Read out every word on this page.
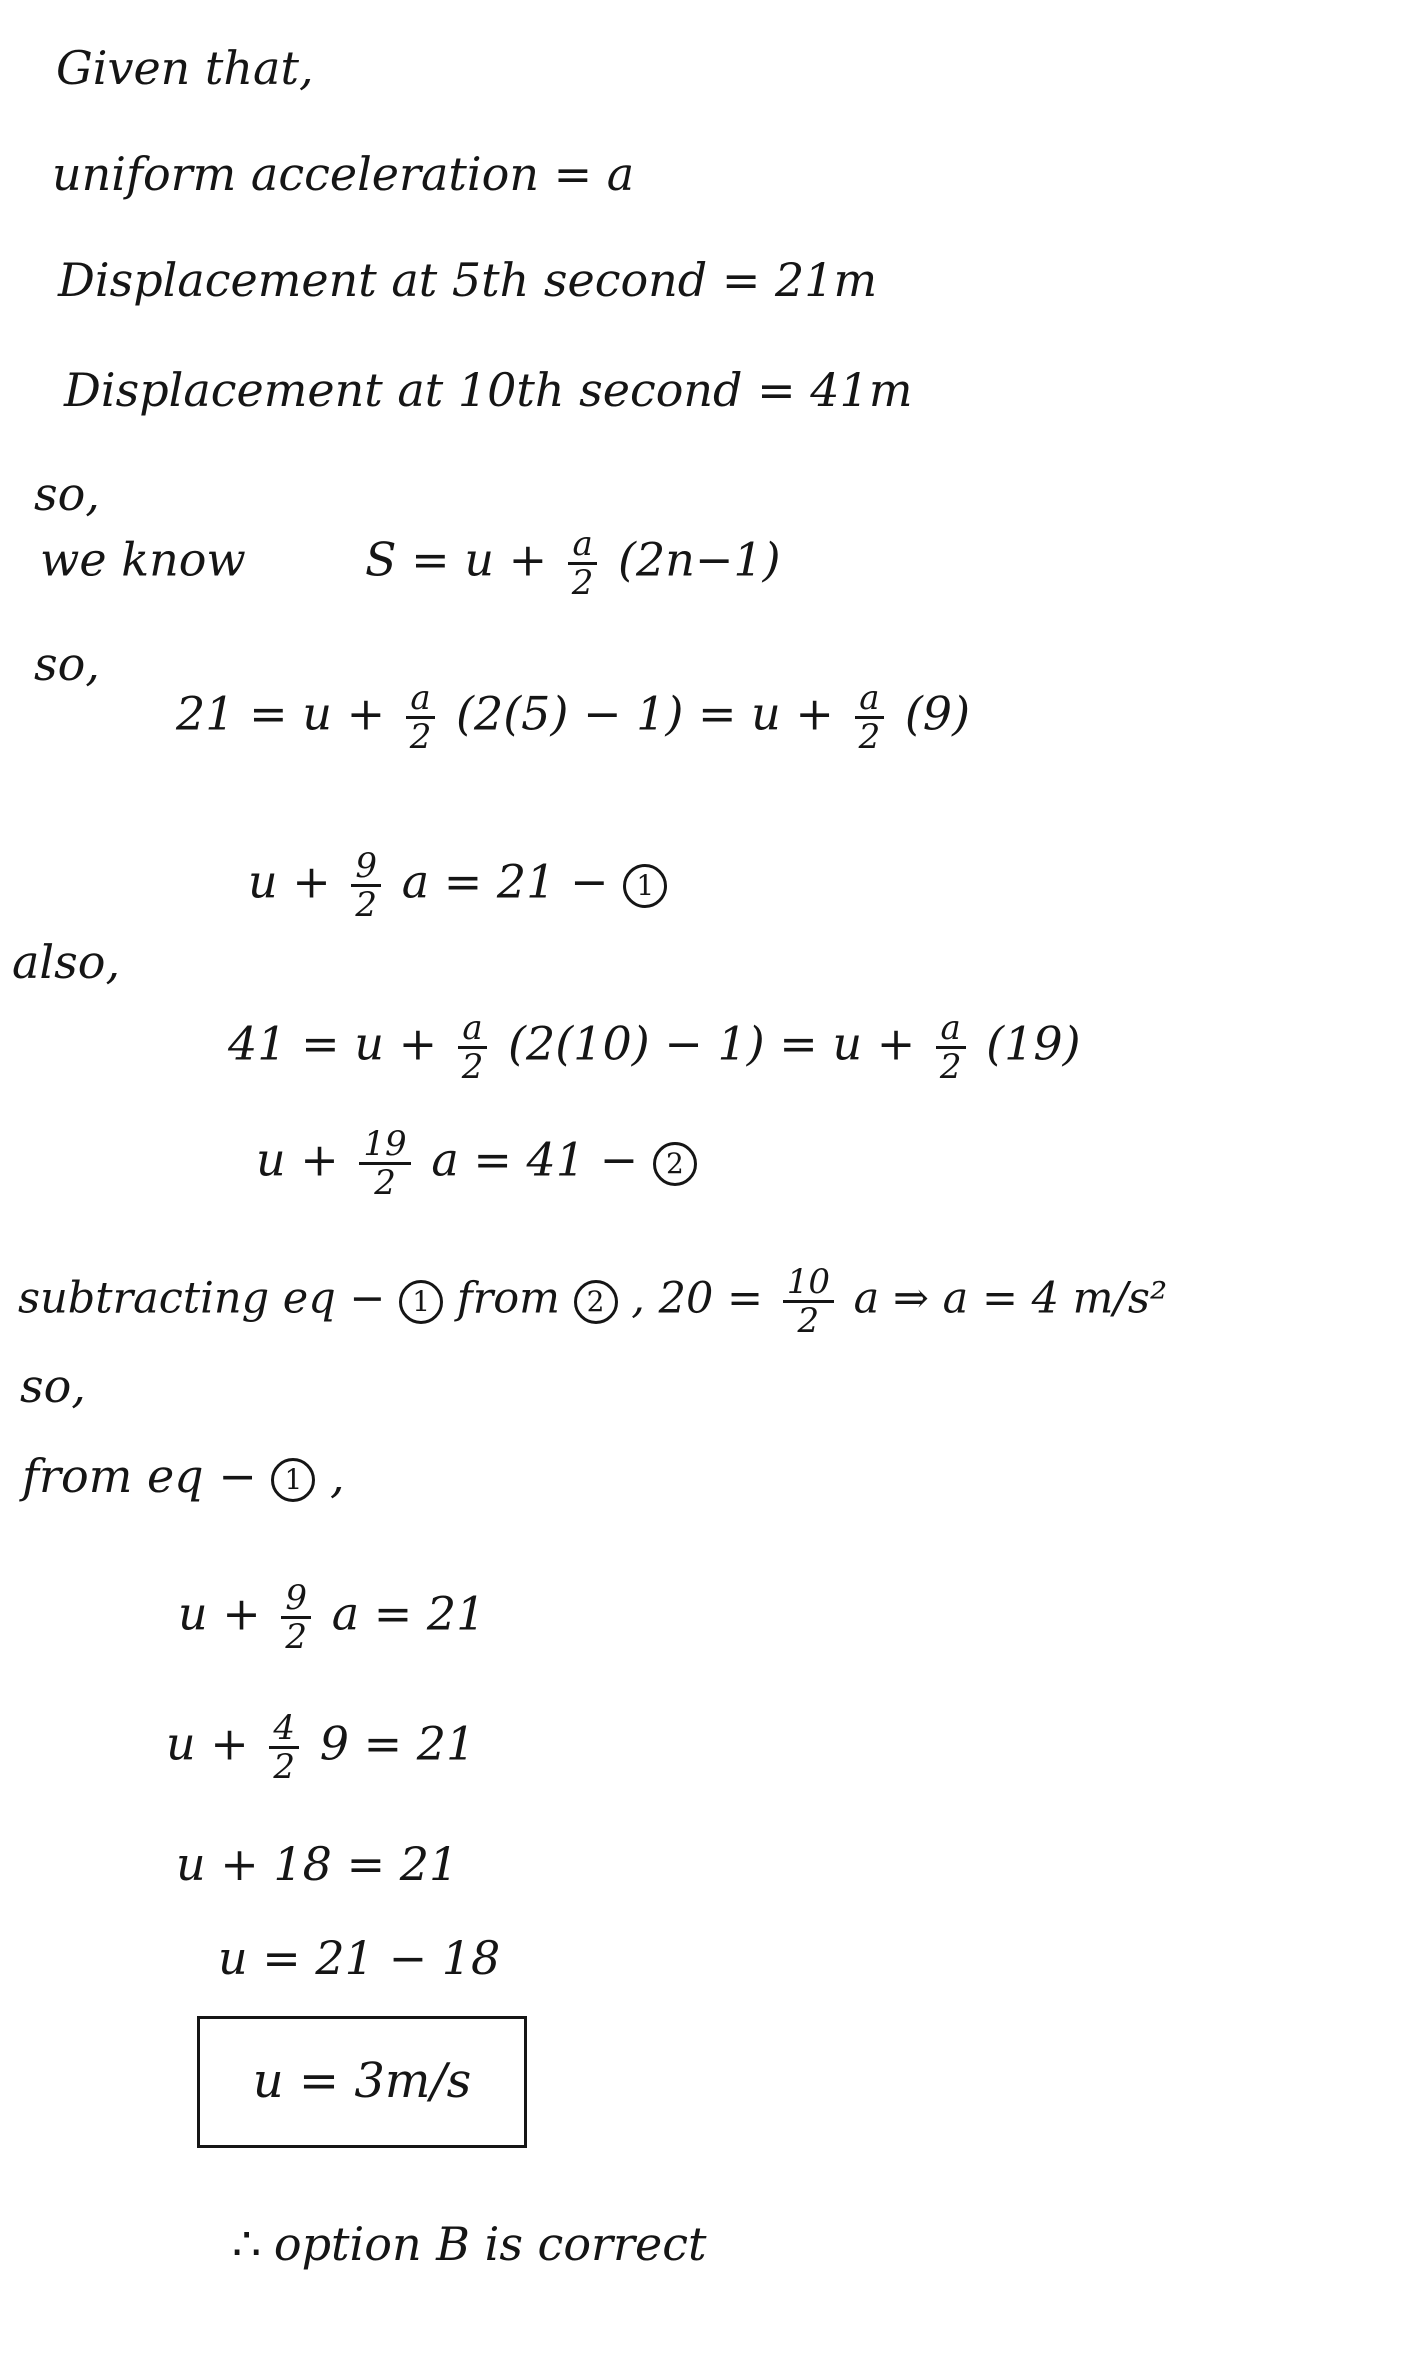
Given that,
uniform acceleration = a
Displacement at 5th second = 21m
Displacement at 10th second = 41m
so,
we know	$S = u + \frac{a}{2} (2n-1)$
so,
$21 = u + \frac{a}{2} (2(5) - 1) = u + \frac{a}{2} (9)$
$u + \frac{9}{2}$ a = 21 − 1
also,
$41 = u + \frac{a}{2} (2(10) - 1) = u + \frac{a}{2} (19)$
$u + \frac{19}{2}$ a = 41 − 2
subtracting eq − 1 from 2 , $20 = \frac{10}{2}$ a ⇒ a = 4 m/s²
so,
from eq − 1 ,
$u + \frac{9}{2}$ a = 21
$u + \frac{4}{2} 9 = 21$
u + 18 = 21
u = 21 − 18
u = 3m/s
∴ option B is correct
